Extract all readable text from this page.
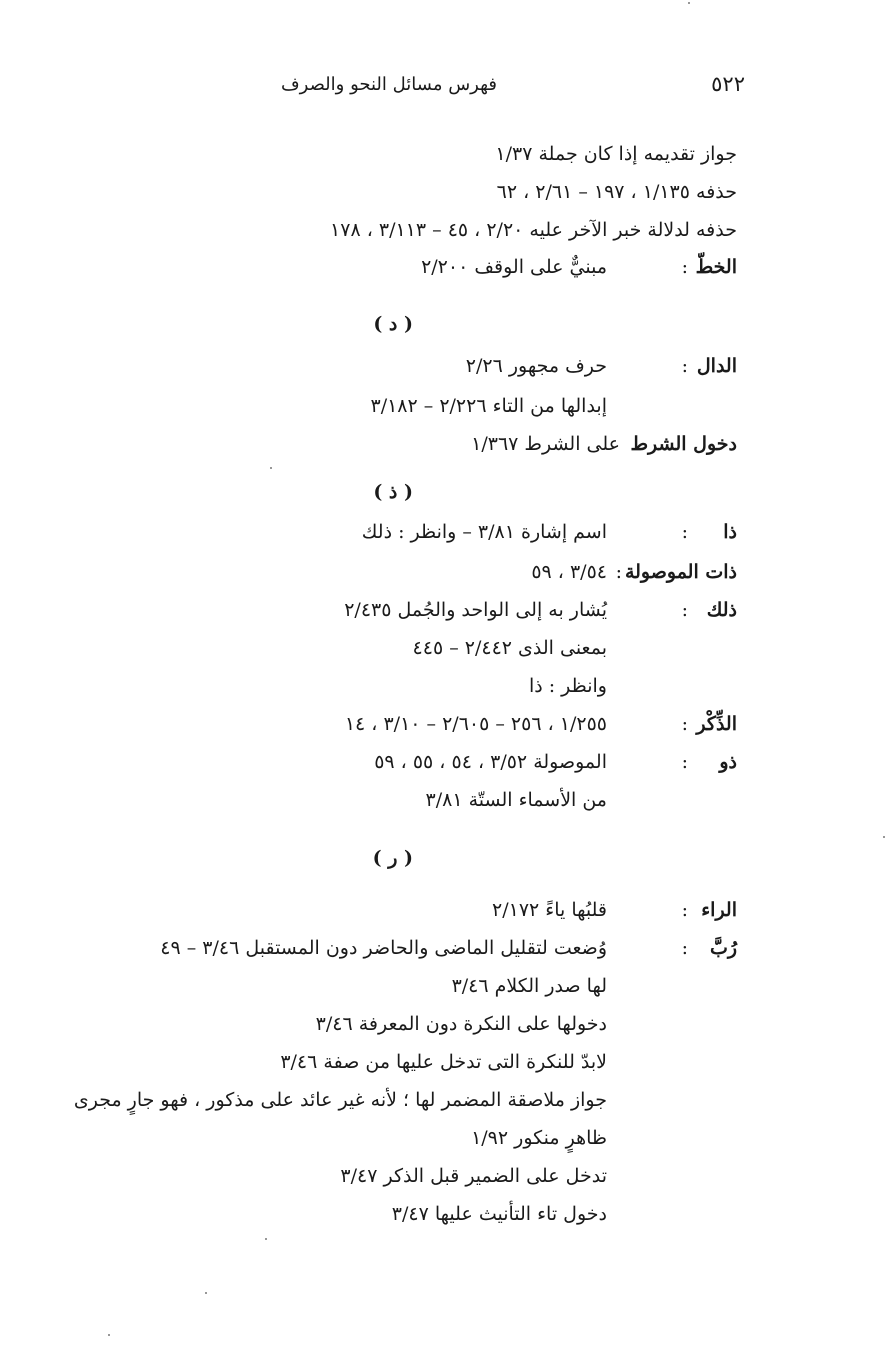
٥٢٢
فهرس مسائل النحو والصرف
جواز تقديمه إذا كان جملة ١/٣٧
حذفه ١/١٣٥ ، ١٩٧ – ٢/٦١ ، ٦٢
حذفه لدلالة خبر الآخر عليه ٢/٢٠ ، ٤٥ – ٣/١١٣ ، ١٧٨
الخطّ
:
مبنيٌّ على الوقف ٢/٢٠٠
( د )
الدال
:
حرف مجهور ٢/٢٦
إبدالها من التاء ٢/٢٢٦ – ٣/١٨٢
دخول الشرط
على الشرط ١/٣٦٧
( ذ )
ذا
:
اسم إشارة ٣/٨١ – وانظر : ذلك
ذات الموصولة
:
٣/٥٤ ، ٥٩
ذلك
:
يُشار به إلى الواحد والجُمل ٢/٤٣٥
بمعنى الذى ٢/٤٤٢ – ٤٤٥
وانظر : ذا
الذِّكْر
:
١/٢٥٥ ، ٢٥٦ – ٢/٦٠٥ – ٣/١٠ ، ١٤
ذو
:
الموصولة ٣/٥٢ ، ٥٤ ، ٥٥ ، ٥٩
من الأسماء الستّة ٣/٨١
( ر )
الراء
:
قلبُها ياءً ٢/١٧٢
رُبَّ
:
وُضعت لتقليل الماضى والحاضر دون المستقبل ٣/٤٦ – ٤٩
لها صدر الكلام ٣/٤٦
دخولها على النكرة دون المعرفة ٣/٤٦
لابدّ للنكرة التى تدخل عليها من صفة ٣/٤٦
جواز ملاصقة المضمر لها ؛ لأنه غير عائد على مذكور ، فهو جارٍ مجرى
ظاهرٍ منكور ١/٩٢
تدخل على الضمير قبل الذكر ٣/٤٧
دخول تاء التأنيث عليها ٣/٤٧
